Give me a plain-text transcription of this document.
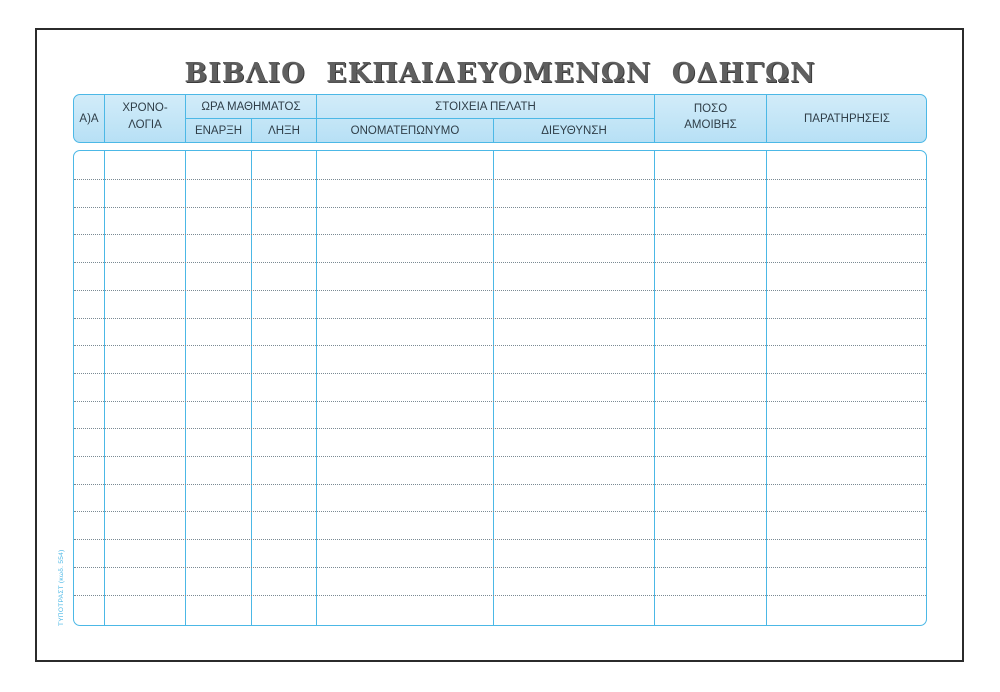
ΒΙΒΛΙΟ ΕΚΠΑΙΔΕΥΟΜΕΝΩΝ ΟΔΗΓΩΝ
Α)Α
ΧΡΟΝΟ-
ΛΟΓΙΑ
ΩΡΑ ΜΑΘΗΜΑΤΟΣ
ΕΝΑΡΞΗ	ΛΗΞΗ
ΣΤΟΙΧΕΙΑ ΠΕΛΑΤΗ
ΟΝΟΜΑΤΕΠΩΝΥΜΟ	ΔΙΕΥΘΥΝΣΗ
ΠΟΣΟ
ΑΜΟΙΒΗΣ
ΠΑΡΑΤΗΡΗΣΕΙΣ
ΤΥΠΟΤΡΑΣΤ (κωδ. 554)
